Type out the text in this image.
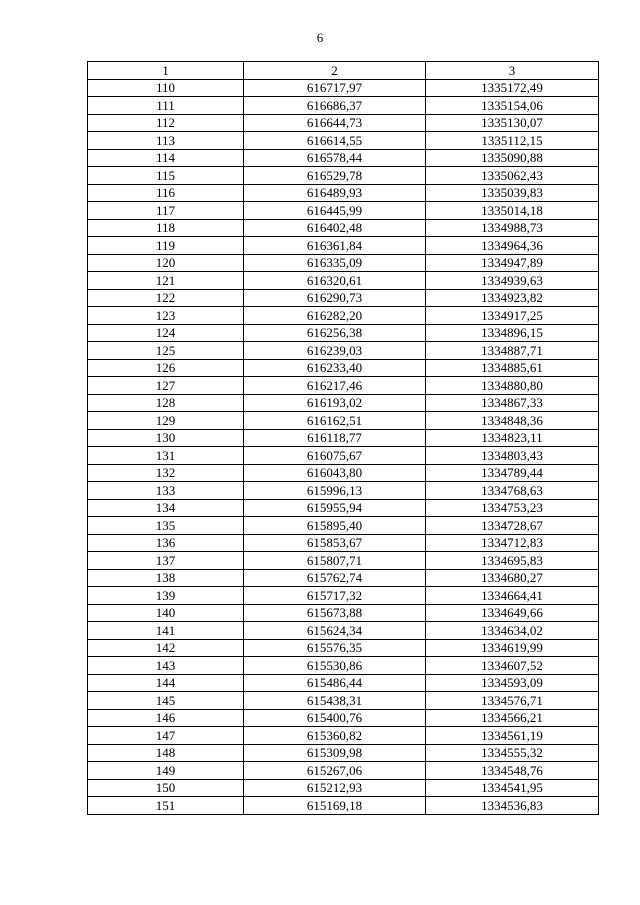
6
1	2	3
110	616717,97	1335172,49
111	616686,37	1335154,06
112	616644,73	1335130,07
113	616614,55	1335112,15
114	616578,44	1335090,88
115	616529,78	1335062,43
116	616489,93	1335039,83
117	616445,99	1335014,18
118	616402,48	1334988,73
119	616361,84	1334964,36
120	616335,09	1334947,89
121	616320,61	1334939,63
122	616290,73	1334923,82
123	616282,20	1334917,25
124	616256,38	1334896,15
125	616239,03	1334887,71
126	616233,40	1334885,61
127	616217,46	1334880,80
128	616193,02	1334867,33
129	616162,51	1334848,36
130	616118,77	1334823,11
131	616075,67	1334803,43
132	616043,80	1334789,44
133	615996,13	1334768,63
134	615955,94	1334753,23
135	615895,40	1334728,67
136	615853,67	1334712,83
137	615807,71	1334695,83
138	615762,74	1334680,27
139	615717,32	1334664,41
140	615673,88	1334649,66
141	615624,34	1334634,02
142	615576,35	1334619,99
143	615530,86	1334607,52
144	615486,44	1334593,09
145	615438,31	1334576,71
146	615400,76	1334566,21
147	615360,82	1334561,19
148	615309,98	1334555,32
149	615267,06	1334548,76
150	615212,93	1334541,95
151	615169,18	1334536,83
